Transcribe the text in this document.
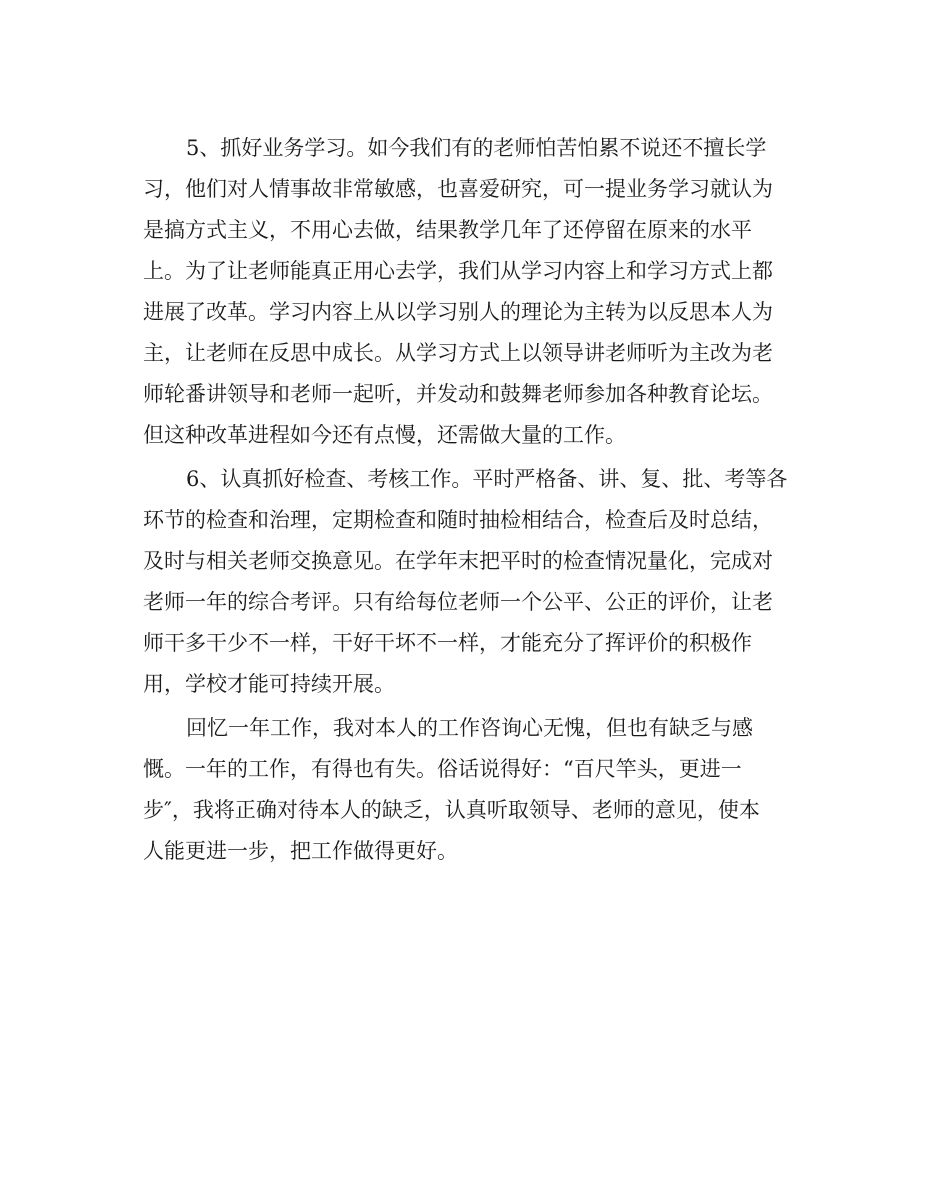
5、抓好业务学习。如今我们有的老师怕苦怕累不说还不擅长学
习，他们对人情事故非常敏感，也喜爱研究，可一提业务学习就认为
是搞方式主义，不用心去做，结果教学几年了还停留在原来的水平
上。为了让老师能真正用心去学，我们从学习内容上和学习方式上都
进展了改革。学习内容上从以学习别人的理论为主转为以反思本人为
主，让老师在反思中成长。从学习方式上以领导讲老师听为主改为老
师轮番讲领导和老师一起听，并发动和鼓舞老师参加各种教育论坛。
但这种改革进程如今还有点慢，还需做大量的工作。
6、认真抓好检查、考核工作。平时严格备、讲、复、批、考等各
环节的检查和治理，定期检查和随时抽检相结合，检查后及时总结，
及时与相关老师交换意见。在学年末把平时的检查情况量化，完成对
老师一年的综合考评。只有给每位老师一个公平、公正的评价，让老
师干多干少不一样，干好干坏不一样，才能充分了挥评价的积极作
用，学校才能可持续开展。
回忆一年工作，我对本人的工作咨询心无愧，但也有缺乏与感
慨。一年的工作，有得也有失。俗话说得好：“百尺竿头，更进一
步″，我将正确对待本人的缺乏，认真听取领导、老师的意见，使本
人能更进一步，把工作做得更好。
